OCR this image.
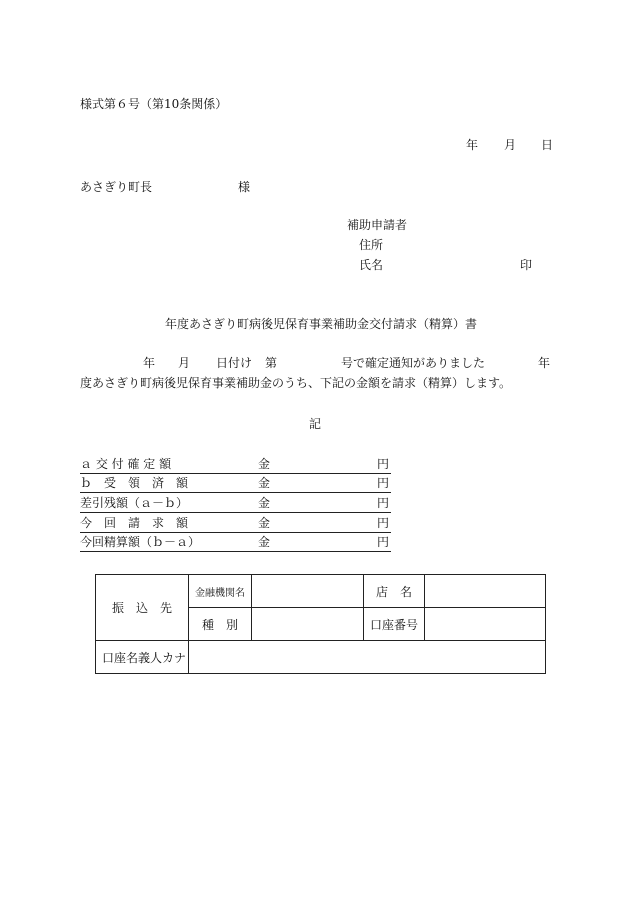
様式第６号（第10条関係）
年 月 日
あさぎり町長	様
補助申請者
住所
氏名	印
年度あさぎり町病後児保育事業補助金交付請求（精算）書
年 月 日付け 第	号で確定通知がありました	年
度あさぎり町病後児保育事業補助金のうち、下記の金額を請求（精算）します。
記
ａ 交 付 確 定 額	金	円
ｂ　受　領　済　額	金	円
差引残額（ａ－ｂ）	金	円
今　回　請　求　額	金	円
今回精算額（ｂ－ａ）	金	円
振　込　先	金融機関名		店　名	
	種　別		口座番号	
口座名義人カナ				
